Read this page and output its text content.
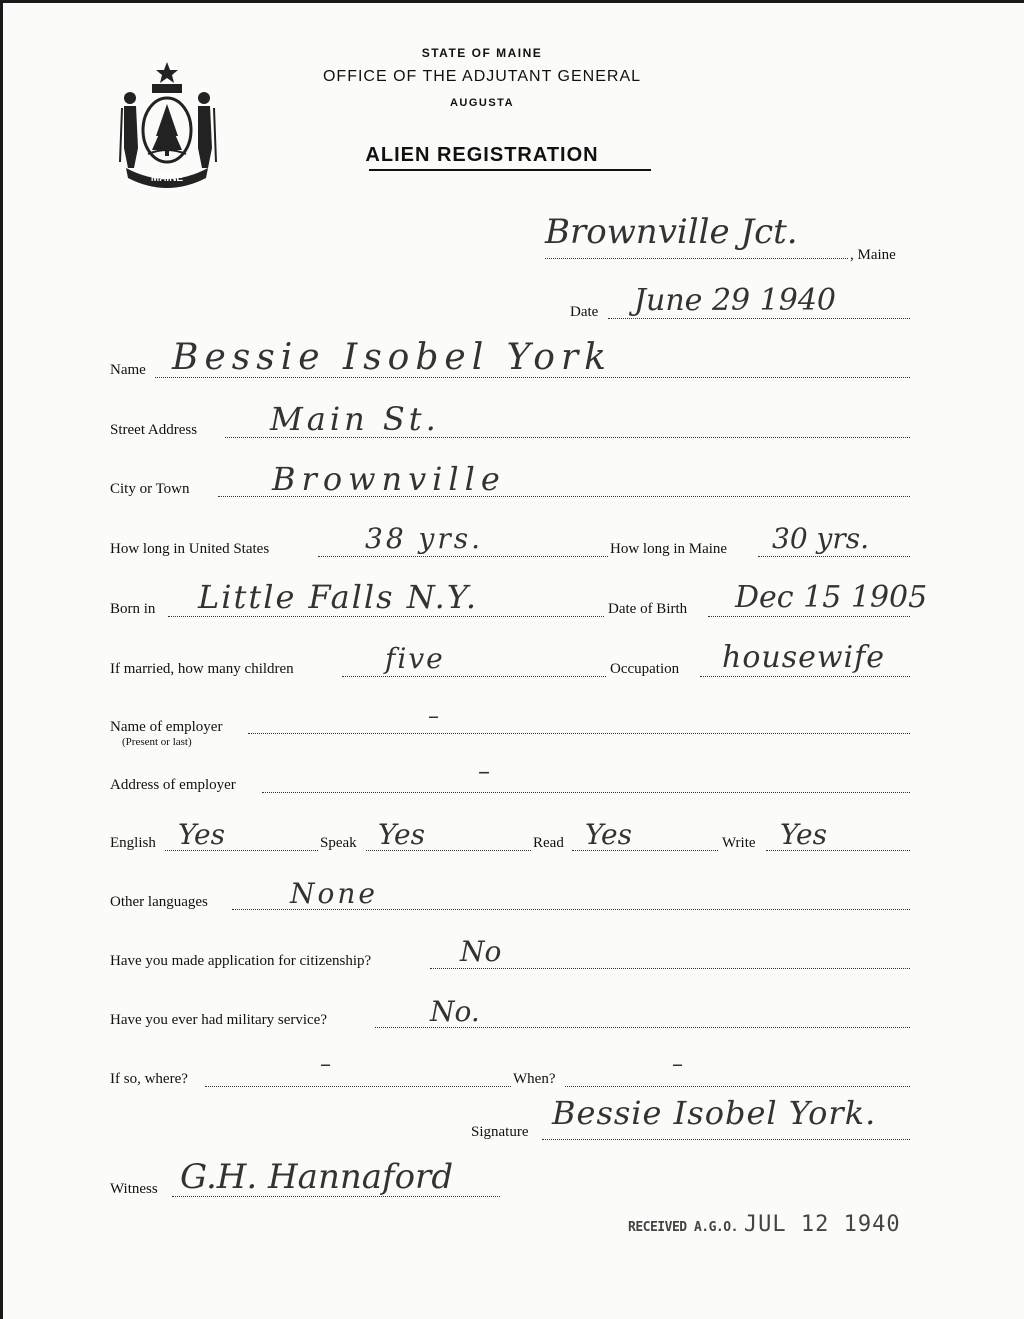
MAINE
STATE OF MAINE
OFFICE OF THE ADJUTANT GENERAL
AUGUSTA
ALIEN REGISTRATION
Brownville Jct.
, Maine
Date June 29 1940
Name Bessie Isobel York
Street Address Main St.
City or Town	Brownville
How long in United States	38 yrs.	How long in Maine 30 yrs.
Born in Little Falls N.Y.	Date of Birth Dec 15 1905
If married, how many children	five	Occupation housewife
Name of employer
(Present or last)
–
Address of employer	–
English Yes	Speak Yes	Read Yes	Write Yes
Other languages	None
Have you made application for citizenship?	No
Have you ever had military service?	No.
If so, where?
–
When?
–
Signature Bessie Isobel York.
Witness G.H. Hannaford
RECEIVED A.G.O. JUL 12 1940
